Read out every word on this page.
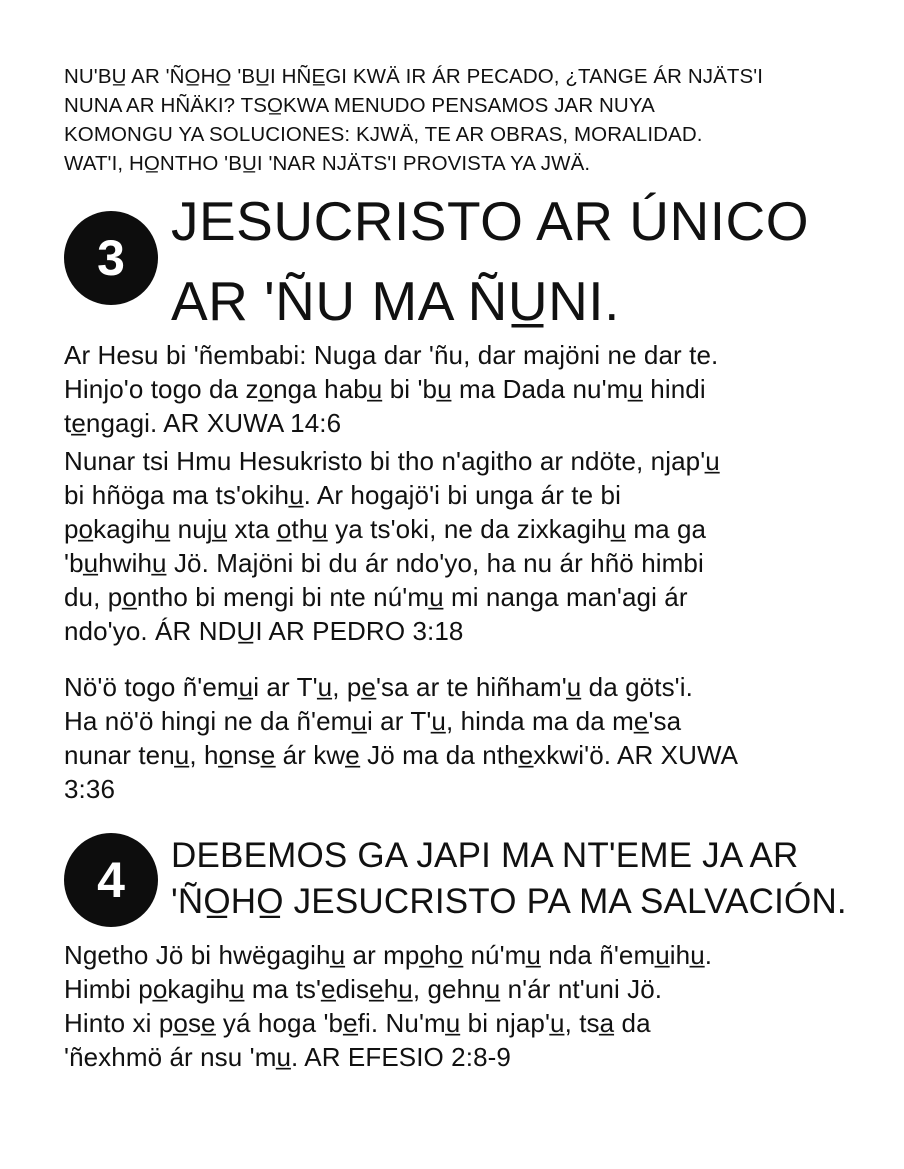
NU'BU̲ AR 'ÑO̲HO̲ 'BU̲I HÑE̲GI KWÄ IR ÁR PECADO, ¿TANGE ÁR NJÄTS'I

NUNA AR HÑÄKI? TSO̲KWA MENUDO PENSAMOS JAR NUYA

KOMONGU YA SOLUCIONES: KJWÄ, TE AR OBRAS, MORALIDAD.

WAT'I, HO̲NTHO 'BU̲I 'NAR NJÄTS'I PROVISTA YA JWÄ.

3

JESUCRISTO AR ÚNICO

AR 'ÑU MA ÑU̲NI.

Ar Hesu bi 'ñembabi: Nuga dar 'ñu, dar majöni ne dar te.

Hinjo'o togo da zo̲nga habu̲ bi 'bu̲ ma Dada nu'mu̲ hindi

te̲ngagi. AR XUWA 14:6

Nunar tsi Hmu Hesukristo bi tho n'agitho ar ndöte, njap'u̲

bi hñöga ma ts'okihu̲. Ar hogajö'i bi unga ár te bi

po̲kagihu̲ nuju̲ xta o̲thu̲ ya ts'oki, ne da zixkagihu̲ ma ga

'bu̲hwihu̲ Jö. Majöni bi du ár ndo'yo, ha nu ár hñö himbi

du, po̲ntho bi mengi bi nte nú'mu̲ mi nanga man'agi ár

ndo'yo. ÁR NDU̲I AR PEDRO 3:18

Nö'ö togo ñ'emu̲i ar T'u̲, pe̲'sa ar te hiñham'u̲ da göts'i.

Ha nö'ö hingi ne da ñ'emu̲i ar T'u̲, hinda ma da me̲'sa

nunar tenu̲, ho̲nse̲ ár kwe̲ Jö ma da nthe̲xkwi'ö. AR XUWA

3:36

4	DEBEMOS GA JAPI MA NT'EME JA AR

'ÑO̲HO̲ JESUCRISTO PA MA SALVACIÓN.

Ngetho Jö bi hwëgagihu̲ ar mpo̲ho̲ nú'mu̲ nda ñ'emu̲ihu̲.

Himbi po̲kagihu̲ ma ts'e̲dise̲hu̲, gehnu̲ n'ár nt'uni Jö.

Hinto xi po̲se̲ yá hoga 'be̲fi. Nu'mu̲ bi njap'u̲, tsa̲ da

'ñexhmö ár nsu 'mu̲. AR EFESIO 2:8-9
